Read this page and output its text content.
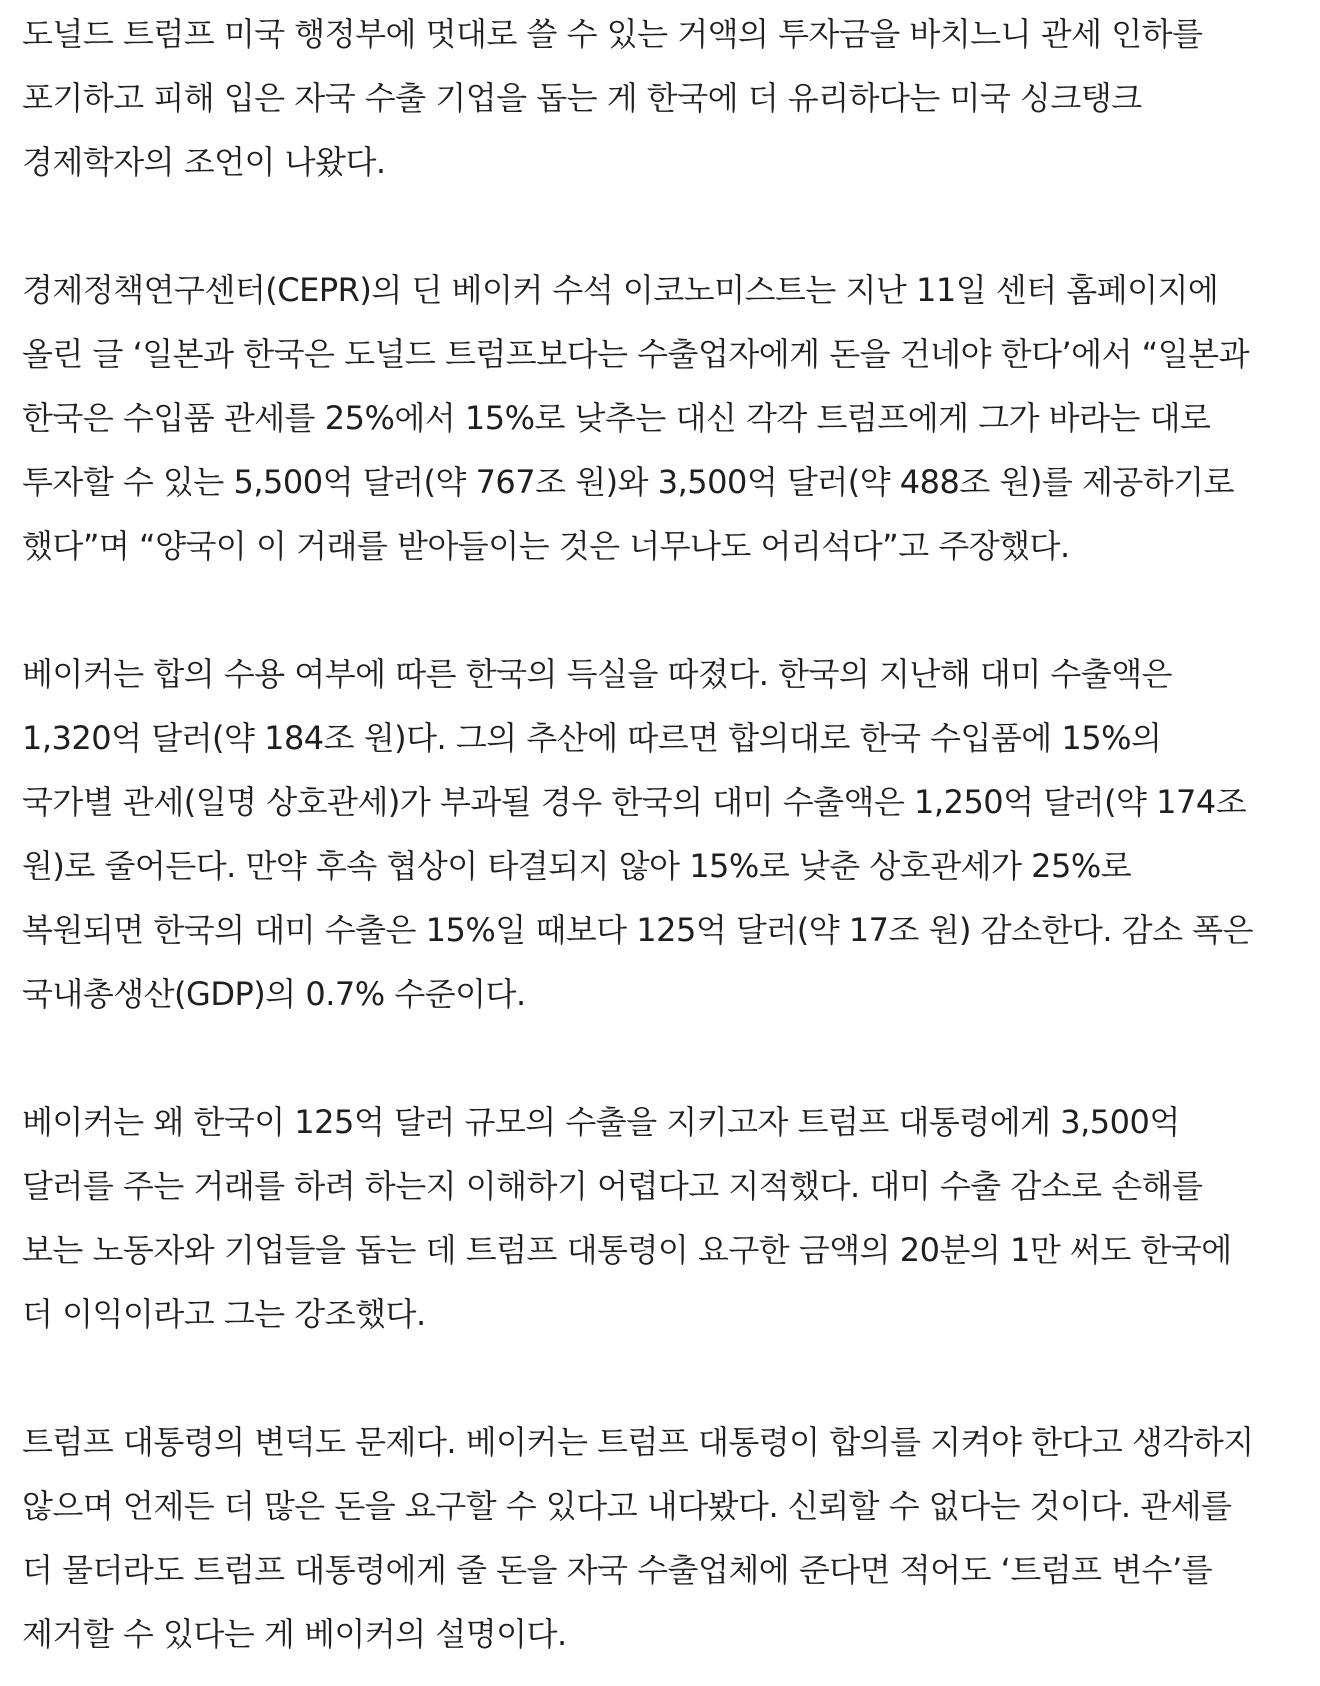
도널드 트럼프 미국 행정부에 멋대로 쓸 수 있는 거액의 투자금을 바치느니 관세 인하를 포기하고 피해 입은 자국 수출 기업을 돕는 게 한국에 더 유리하다는 미국 싱크탱크 경제학자의 조언이 나왔다.

경제정책연구센터(CEPR)의 딘 베이커 수석 이코노미스트는 지난 11일 센터 홈페이지에 올린 글 ‘일본과 한국은 도널드 트럼프보다는 수출업자에게 돈을 건네야 한다’에서 “일본과 한국은 수입품 관세를 25%에서 15%로 낮추는 대신 각각 트럼프에게 그가 바라는 대로 투자할 수 있는 5,500억 달러(약 767조 원)와 3,500억 달러(약 488조 원)를 제공하기로 했다”며 “양국이 이 거래를 받아들이는 것은 너무나도 어리석다”고 주장했다.

베이커는 합의 수용 여부에 따른 한국의 득실을 따졌다. 한국의 지난해 대미 수출액은 1,320억 달러(약 184조 원)다. 그의 추산에 따르면 합의대로 한국 수입품에 15%의 국가별 관세(일명 상호관세)가 부과될 경우 한국의 대미 수출액은 1,250억 달러(약 174조 원)로 줄어든다. 만약 후속 협상이 타결되지 않아 15%로 낮춘 상호관세가 25%로 복원되면 한국의 대미 수출은 15%일 때보다 125억 달러(약 17조 원) 감소한다. 감소 폭은 국내총생산(GDP)의 0.7% 수준이다.

베이커는 왜 한국이 125억 달러 규모의 수출을 지키고자 트럼프 대통령에게 3,500억 달러를 주는 거래를 하려 하는지 이해하기 어렵다고 지적했다. 대미 수출 감소로 손해를 보는 노동자와 기업들을 돕는 데 트럼프 대통령이 요구한 금액의 20분의 1만 써도 한국에 더 이익이라고 그는 강조했다.

트럼프 대통령의 변덕도 문제다. 베이커는 트럼프 대통령이 합의를 지켜야 한다고 생각하지 않으며 언제든 더 많은 돈을 요구할 수 있다고 내다봤다. 신뢰할 수 없다는 것이다. 관세를 더 물더라도 트럼프 대통령에게 줄 돈을 자국 수출업체에 준다면 적어도 ‘트럼프 변수’를 제거할 수 있다는 게 베이커의 설명이다.
